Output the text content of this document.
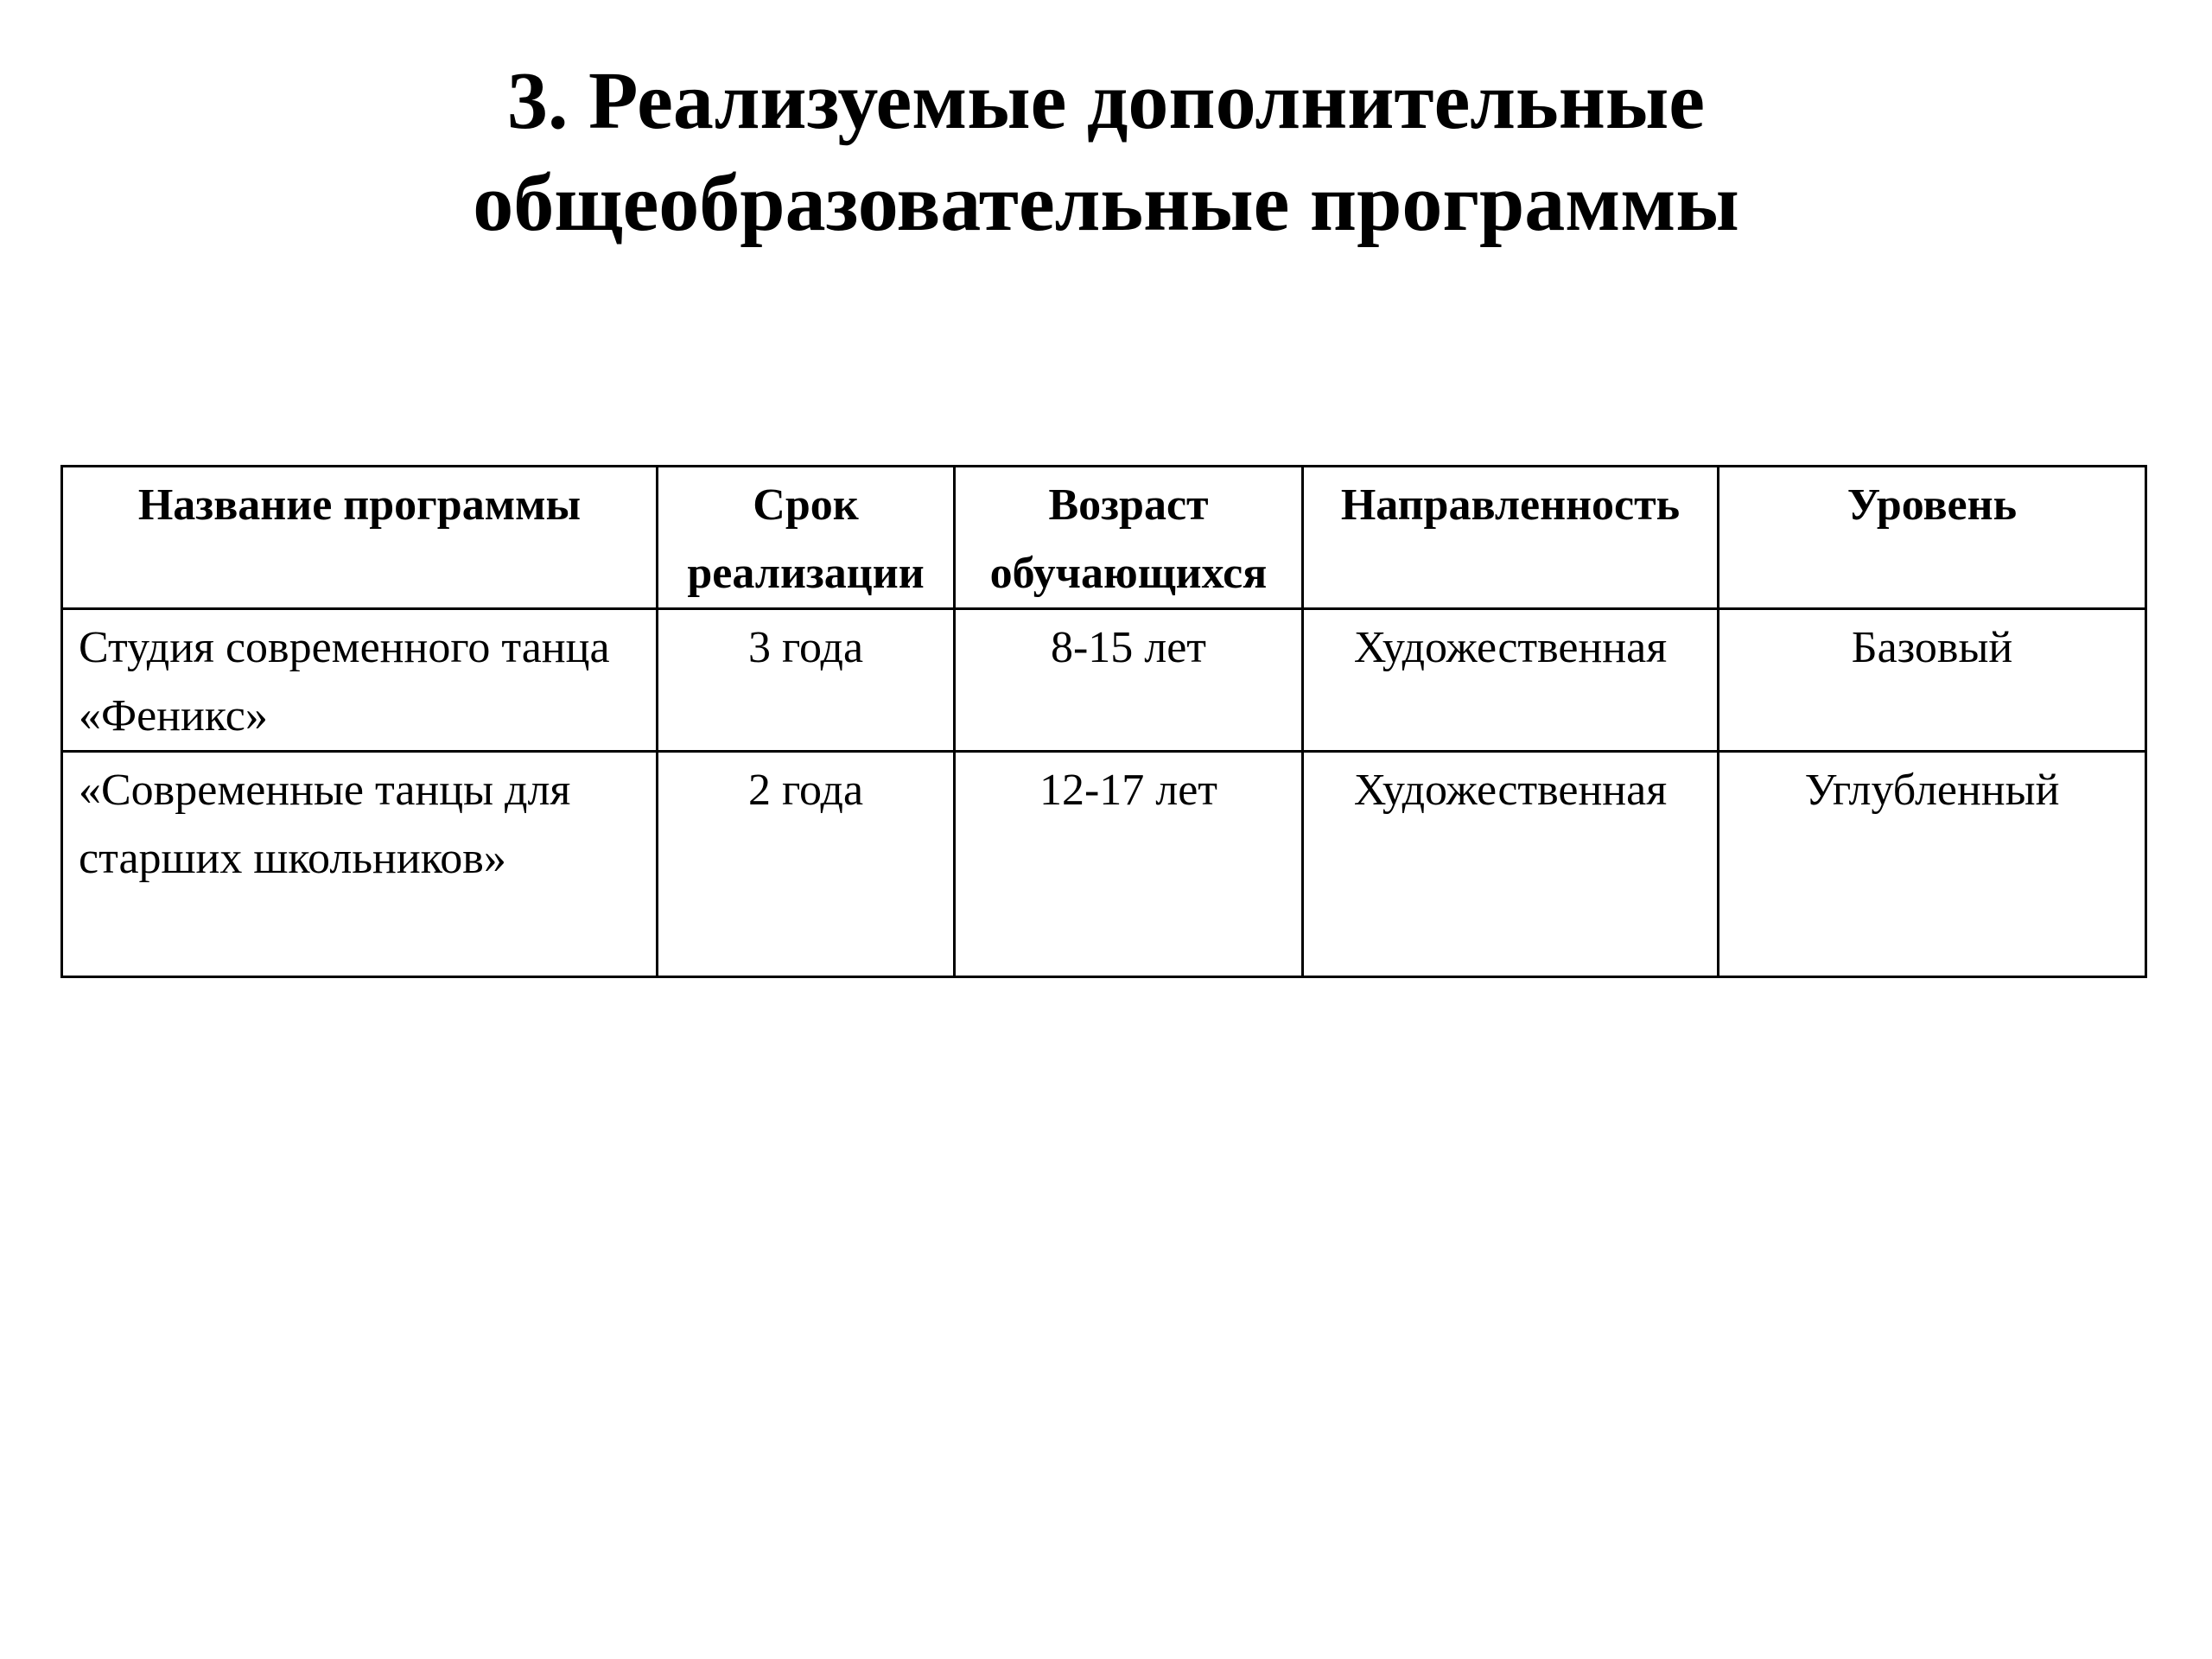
3. Реализуемые дополнительные
общеобразовательные программы
Название программы	Срок реализации	Возраст обучающихся	Направленность	Уровень
Студия современного танца «Феникс»	3 года	8-15 лет	Художественная	Базовый
«Современные танцы для старших школьников»	2 года	12-17 лет	Художественная	Углубленный
